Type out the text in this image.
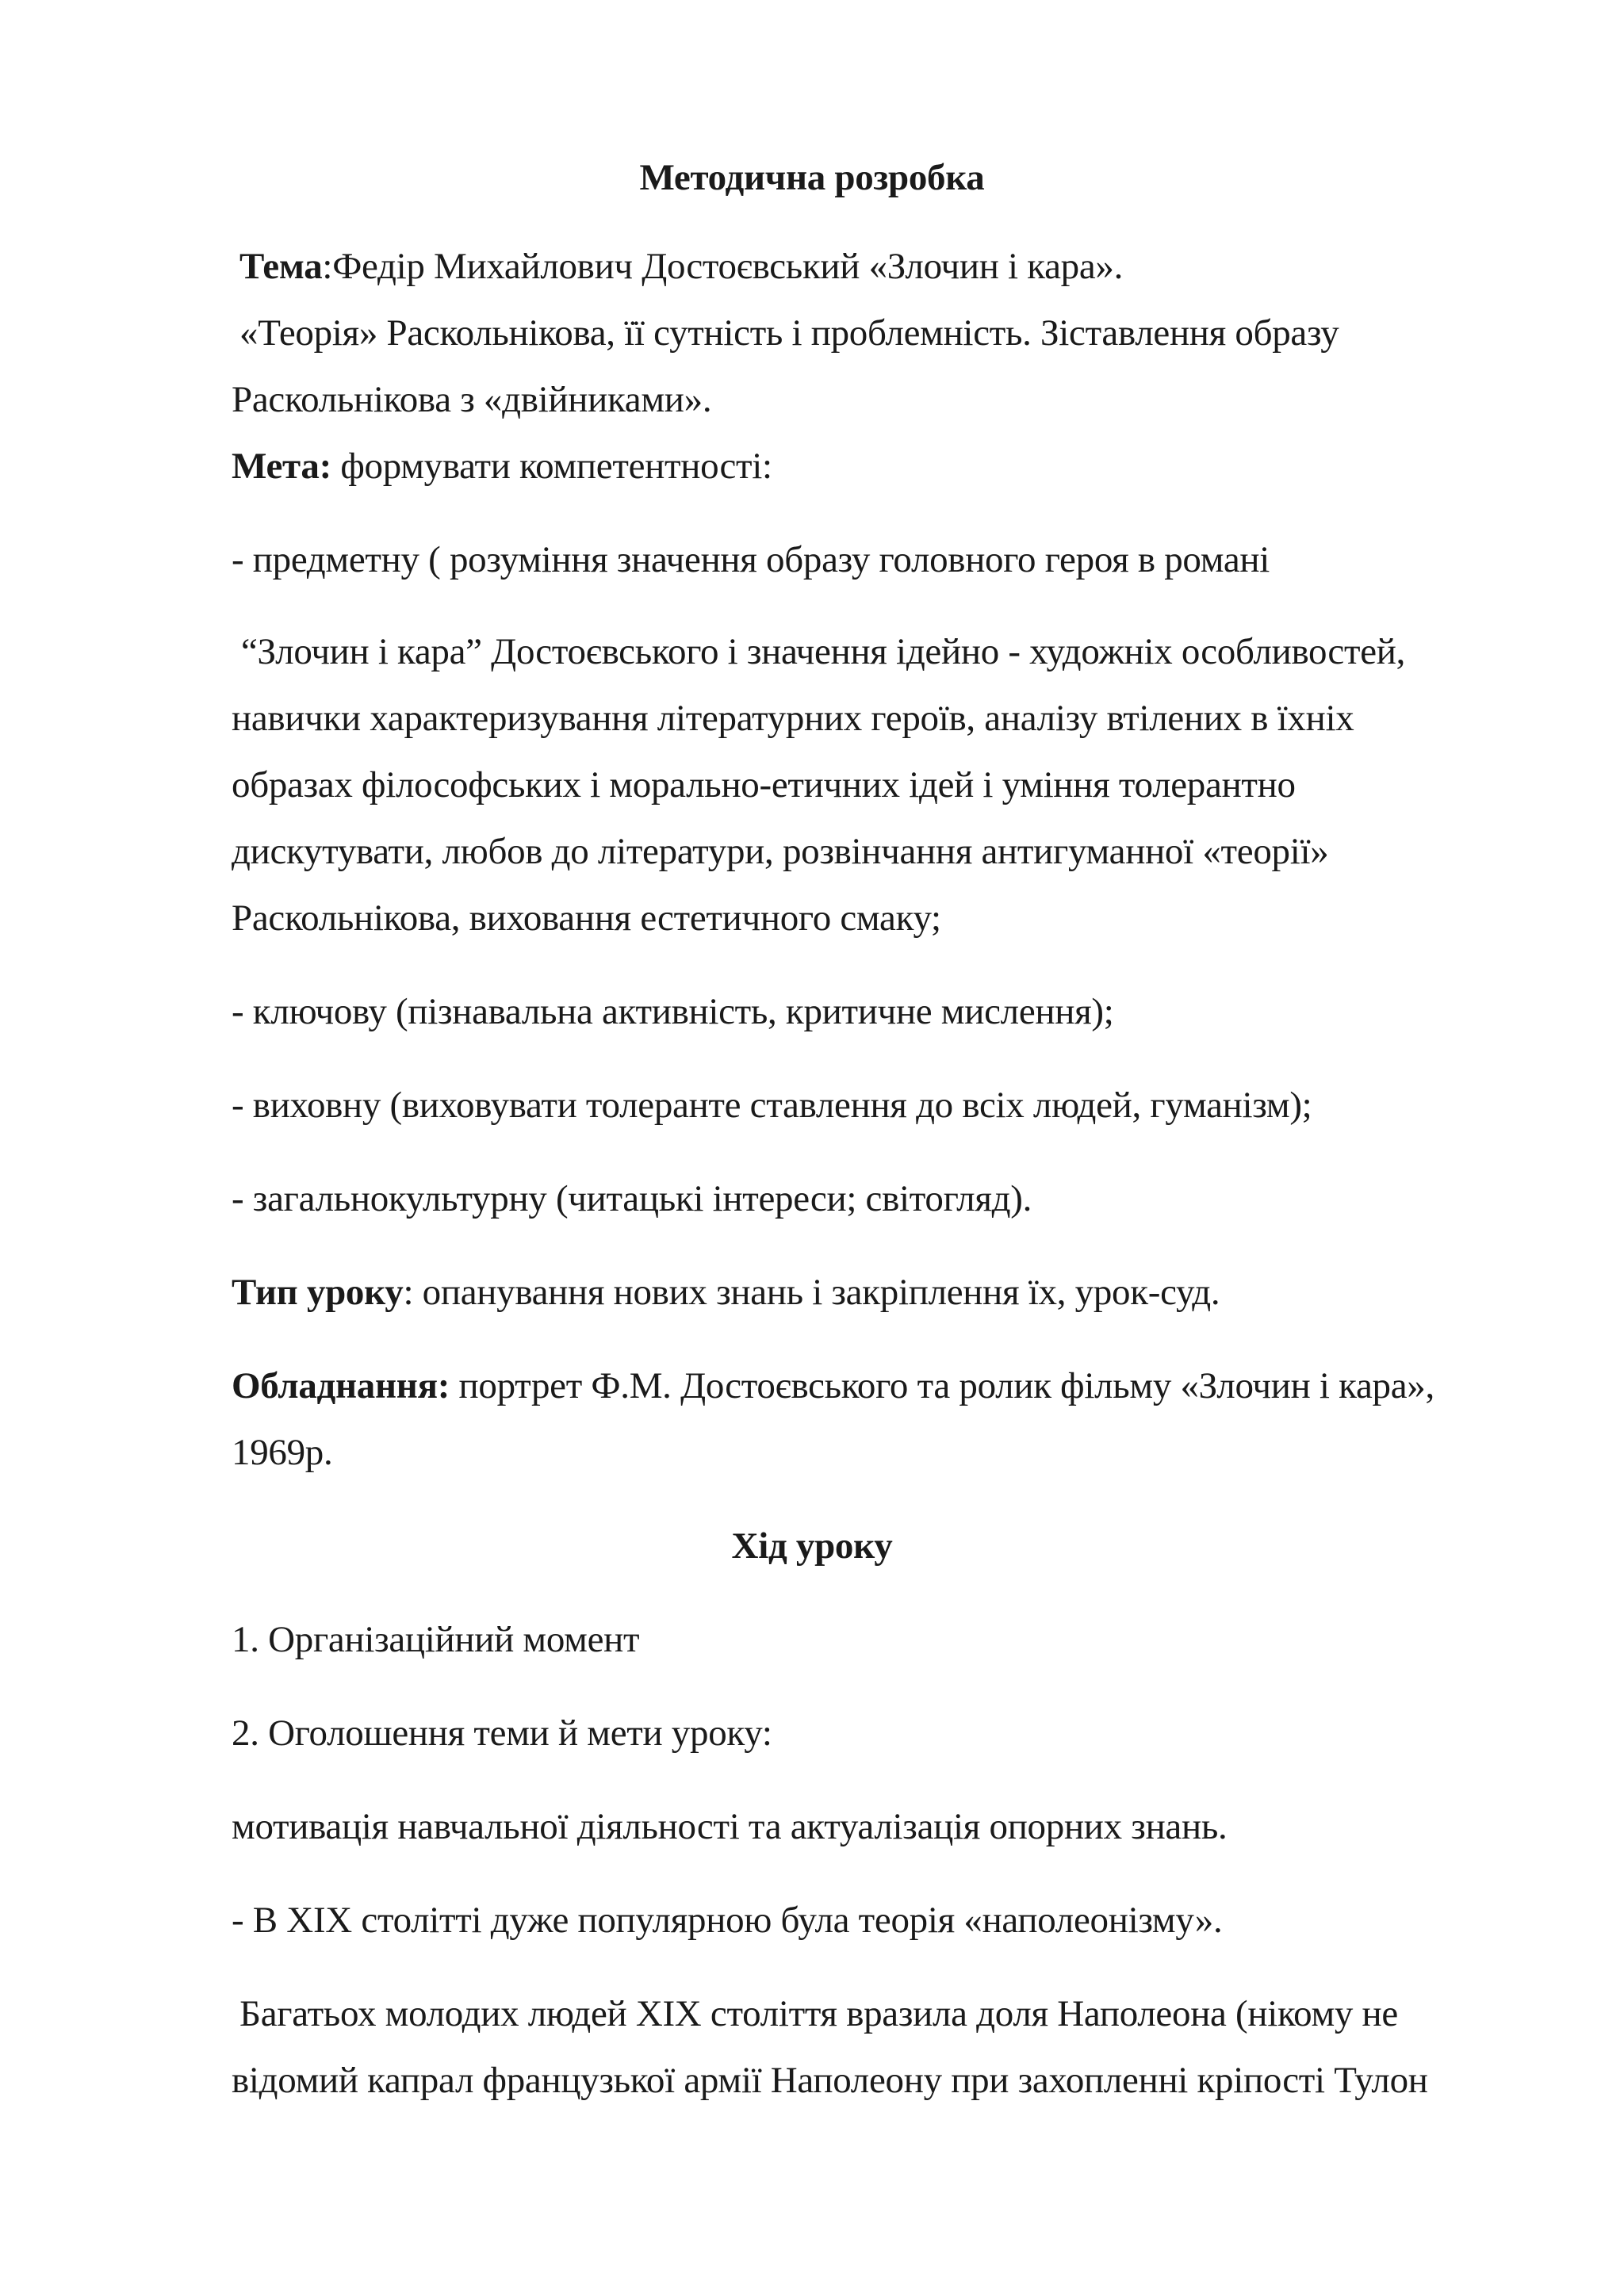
Методична розробка
Тема:Федір Михайлович Достоєвський «Злочин і кара».
«Теорія» Раскольнікова, її сутність і проблемність. Зіставлення образу
Раскольнікова з «двійниками».
Мета: формувати компетентності:
- предметну ( розуміння значення образу головного героя в романі
“Злочин і кара” Достоєвського і значення ідейно - художніх особливостей,
навички характеризування літературних героїв, аналізу втілених в їхніх
образах філософських і морально-етичних ідей і уміння толерантно
дискутувати, любов до літератури, розвінчання антигуманної «теорії»
Раскольнікова, виховання естетичного смаку;
- ключову (пізнавальна активність, критичне мислення);
- виховну (виховувати толеранте ставлення до всіх людей, гуманізм);
- загальнокультурну (читацькі інтереси; світогляд).
Тип уроку: опанування нових знань і закріплення їх, урок-суд.
Обладнання: портрет Ф.М. Достоєвського та ролик фільму «Злочин і кара»,
1969р.
Хід уроку
1. Організаційний момент
2. Оголошення теми й мети уроку:
мотивація навчальної діяльності та актуалізація опорних знань.
- В XIX столітті дуже популярною була теорія «наполеонізму».
Багатьох молодих людей XIX століття вразила доля Наполеона (нікому не
відомий капрал французької армії Наполеону при захопленні кріпості Тулон
